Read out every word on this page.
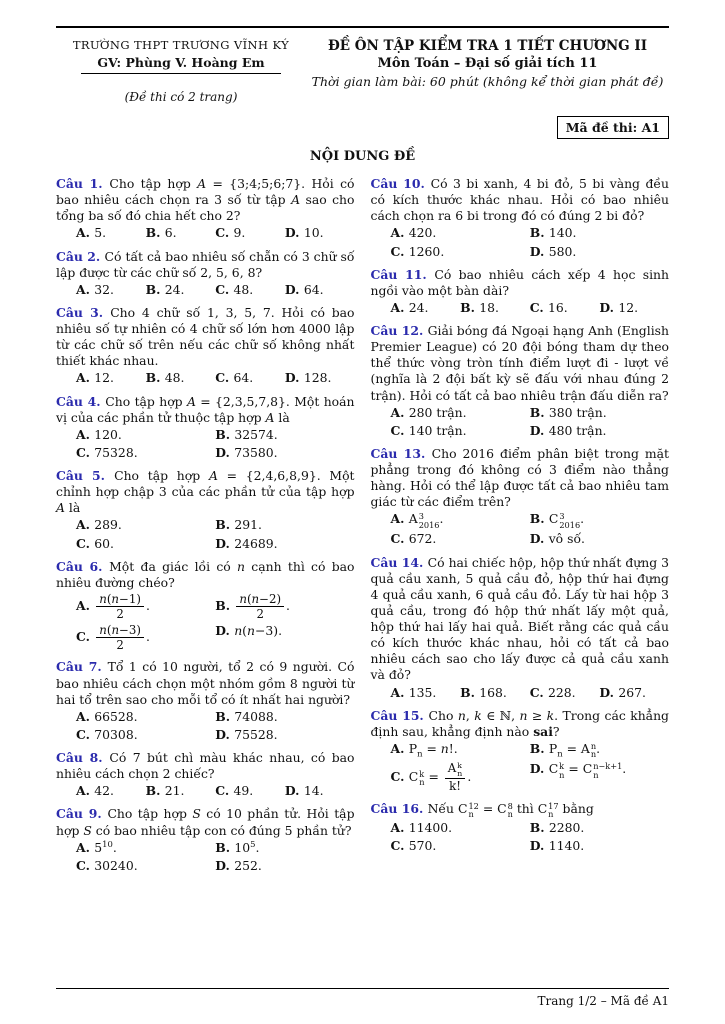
TRƯỜNG THPT TRƯƠNG VĨNH KÝ
GV: Phùng V. Hoàng Em
(Đề thi có 2 trang)
ĐỀ ÔN TẬP KIỂM TRA 1 TIẾT CHƯƠNG II
Môn Toán – Đại số giải tích 11
Thời gian làm bài: 60 phút (không kể thời gian phát đề)
Mã đề thi: A1
NỘI DUNG ĐỀ
Câu 1. Cho tập hợp A = {3;4;5;6;7}. Hỏi có bao nhiêu cách chọn ra 3 số từ tập A sao cho tổng ba số đó chia hết cho 2?
A. 5.	B. 6.	C. 9.	D. 10.
Câu 2. Có tất cả bao nhiêu số chẵn có 3 chữ số lập được từ các chữ số 2, 5, 6, 8?
A. 32.	B. 24.	C. 48.	D. 64.
Câu 3. Cho 4 chữ số 1, 3, 5, 7. Hỏi có bao nhiêu số tự nhiên có 4 chữ số lớn hơn 4000 lập từ các chữ số trên nếu các chữ số không nhất thiết khác nhau.
A. 12.	B. 48.	C. 64.	D. 128.
Câu 4. Cho tập hợp A = {2,3,5,7,8}. Một hoán vị của các phần tử thuộc tập hợp A là
A. 120.	B. 32574.
C. 75328.	D. 73580.
Câu 5. Cho tập hợp A = {2,4,6,8,9}. Một chỉnh hợp chập 3 của các phần tử của tập hợp A là
A. 289.	B. 291.
C. 60.	D. 24689.
Câu 6. Một đa giác lồi có n cạnh thì có bao nhiêu đường chéo?
A. $\frac{n(n-1)}{2}$ .	B. $\frac{n(n-2)}{2}$ .
C. $\frac{n(n-3)}{2}$ .	D. n(n−3).
Câu 7. Tổ 1 có 10 người, tổ 2 có 9 người. Có bao nhiêu cách chọn một nhóm gồm 8 người từ hai tổ trên sao cho mỗi tổ có ít nhất hai người?
A. 66528.	B. 74088.
C. 70308.	D. 75528.
Câu 8. Có 7 bút chì màu khác nhau, có bao nhiêu cách chọn 2 chiếc?
A. 42.	B. 21.	C. 49.	D. 14.
Câu 9. Cho tập hợp S có 10 phần tử. Hỏi tập hợp S có bao nhiêu tập con có đúng 5 phần tử?
A. $5^{10}$.	B. $10^5$.
C. 30240.	D. 252.
Câu 10. Có 3 bi xanh, 4 bi đỏ, 5 bi vàng đều có kích thước khác nhau. Hỏi có bao nhiêu cách chọn ra 6 bi trong đó có đúng 2 bi đỏ?
A. 420.	B. 140.
C. 1260.	D. 580.
Câu 11. Có bao nhiêu cách xếp 4 học sinh ngồi vào một bàn dài?
A. 24.	B. 18.	C. 16.	D. 12.
Câu 12. Giải bóng đá Ngoại hạng Anh (English Premier League) có 20 đội bóng tham dự theo thể thức vòng tròn tính điểm lượt đi - lượt về (nghĩa là 2 đội bất kỳ sẽ đấu với nhau đúng 2 trận). Hỏi có tất cả bao nhiêu trận đấu diễn ra?
A. 280 trận.	B. 380 trận.
C. 140 trận.	D. 480 trận.
Câu 13. Cho 2016 điểm phân biệt trong mặt phẳng trong đó không có 3 điểm nào thẳng hàng. Hỏi có thể lập được tất cả bao nhiêu tam giác từ các điểm trên?
A. A 3
2016 .	B. C 3
2016 .
C. 672.	D. vô số.
Câu 14. Có hai chiếc hộp, hộp thứ nhất đựng 3 quả cầu xanh, 5 quả cầu đỏ, hộp thứ hai đựng 4 quả cầu xanh, 6 quả cầu đỏ. Lấy từ hai hộp 3 quả cầu, trong đó hộp thứ nhất lấy một quả, hộp thứ hai lấy hai quả. Biết rằng các quả cầu có kích thước khác nhau, hỏi có tất cả bao nhiêu cách sao cho lấy được cả quả cầu xanh và đỏ?
A. 135.	B. 168.	C. 228.	D. 267.
Câu 15. Cho n, k ∈ ℕ, n ≥ k. Trong các khẳng định sau, khẳng định nào sai?
A. $P_n = n$!.	B. $P_n = A$ n
n .
C. C k
n = A k
n
k! .
D. C k
n = C n−k+1
n	.
Câu 16. Nếu C 12
n = C 8
n thì C 17
n bằng
A. 11400.	B. 2280.
C. 570.	D. 1140.
Trang 1/2 – Mã đề A1
